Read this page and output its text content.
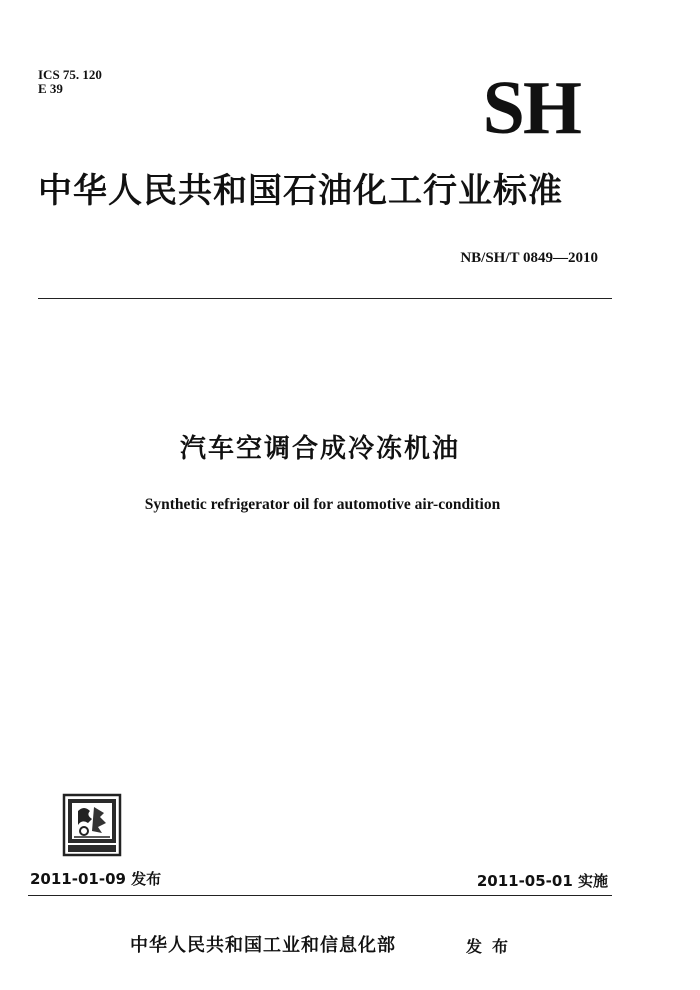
ICS 75. 120
E 39	SH
中华人民共和国石油化工行业标准
NB/SH/T 0849—2010
汽车空调合成冷冻机油
Synthetic refrigerator oil for automotive air-condition
2011-01-09 发布	2011-05-01 实施
中华人民共和国工业和信息化部	发布
